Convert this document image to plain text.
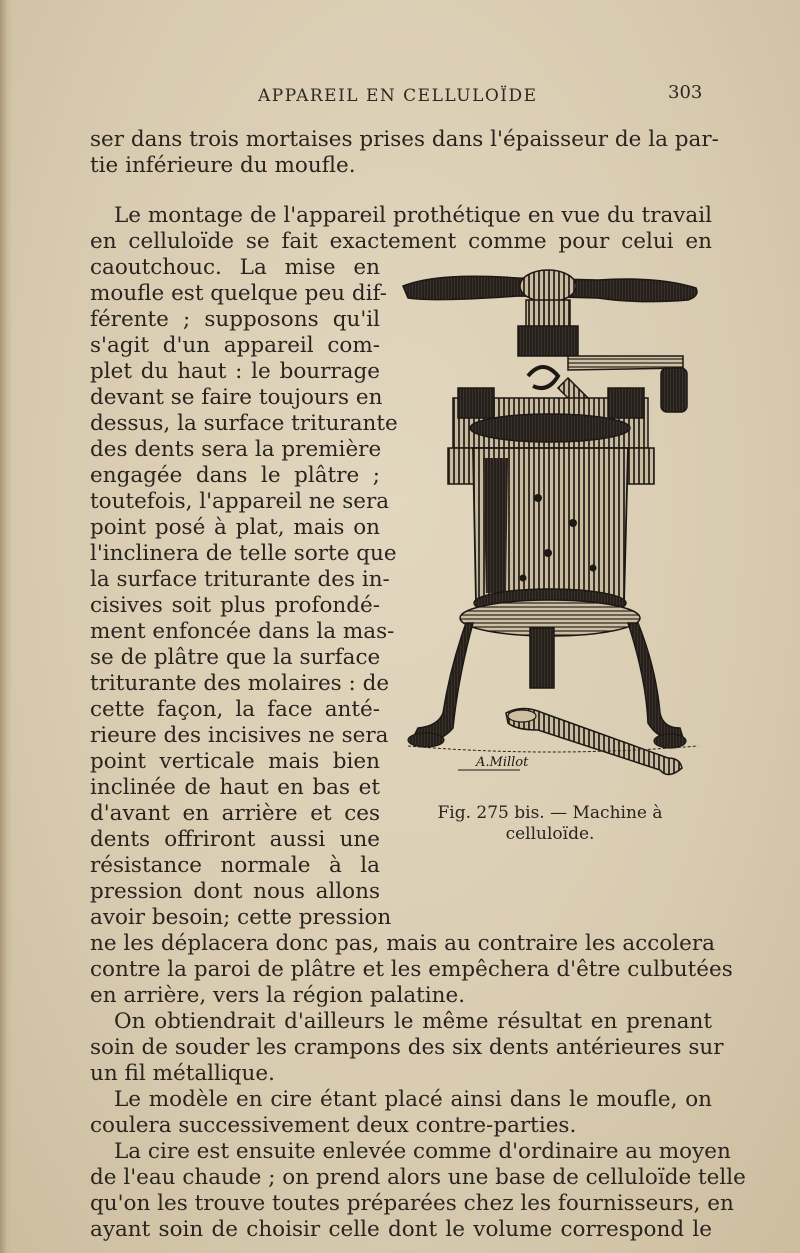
APPAREIL EN CELLULOÏDE	303
ser dans trois mortaises prises dans l'épaisseur de la par-
tie inférieure du moufle.
Le montage de l'appareil prothétique en vue du travail
en celluloïde se fait exactement comme pour celui en
caoutchouc. La mise en
moufle est quelque peu dif-
férente ; supposons qu'il
s'agit d'un appareil com-
plet du haut : le bourrage
devant se faire toujours en
dessus, la surface triturante
des dents sera la première
engagée dans le plâtre ;
toutefois, l'appareil ne sera
point posé à plat, mais on
l'inclinera de telle sorte que
la surface triturante des in-
cisives soit plus profondé-
ment enfoncée dans la mas-
se de plâtre que la surface
triturante des molaires : de
cette façon, la face anté-
rieure des incisives ne sera
point verticale mais bien
inclinée de haut en bas et
d'avant en arrière et ces
dents offriront aussi une
résistance normale à la
pression dont nous allons
avoir besoin; cette pression
ne les déplacera donc pas, mais au contraire les accolera
contre la paroi de plâtre et les empêchera d'être culbutées
en arrière, vers la région palatine.
On obtiendrait d'ailleurs le même résultat en prenant
soin de souder les crampons des six dents antérieures sur
un fil métallique.
Le modèle en cire étant placé ainsi dans le moufle, on
coulera successivement deux contre-parties.
La cire est ensuite enlevée comme d'ordinaire au moyen
de l'eau chaude ; on prend alors une base de celluloïde telle
qu'on les trouve toutes préparées chez les fournisseurs, en
ayant soin de choisir celle dont le volume correspond le
A.Millot
Fig. 275 bis. — Machine à
celluloïde.
